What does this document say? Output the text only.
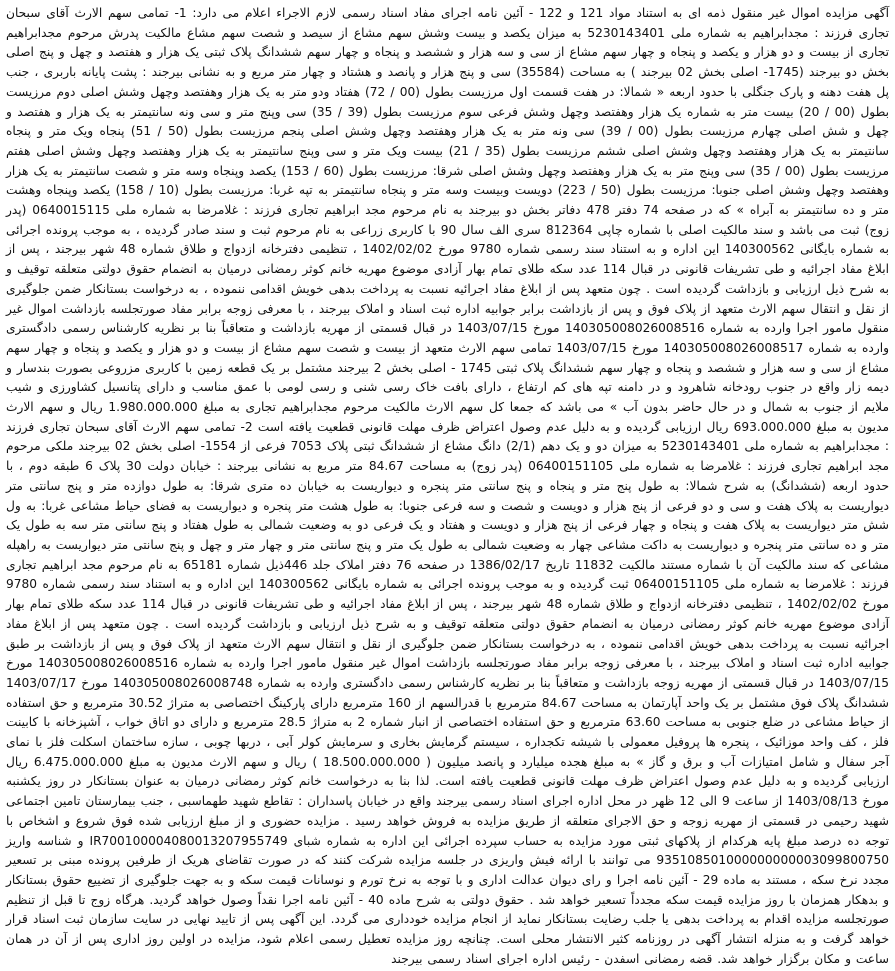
آگهی مزایده اموال غیر منقول ذمه ای به استناد مواد 121 و 122 - آئین نامه اجرای مفاد اسناد رسمی لازم الاجراء اعلام می دارد: 1- تمامی سهم الارث آقای سبحان تجاری فرزند : مجدابراهیم به شماره ملی 5230143401 به میزان یکصد و بیست وشش سهم مشاع از سیصد و شصت سهم مشاع مالکیت پدرش مرحوم مجدابراهیم تجاری از بیست و دو هزار و یکصد و پنجاه و چهار سهم مشاع از سی و سه هزار و ششصد و پنجاه و چهار سهم ششدانگ پلاک ثبتی یک هزار و هفتصد و چهل و پنج اصلی بخش دو بیرجند (1745- اصلی بخش 02 بیرجند ) به مساحت (35584) سی و پنج هزار و پانصد و هشتاد و چهار متر مربع و به نشانی بیرجند : پشت پایانه باربری ، جنب پل هفت دهنه و پارک جنگلی با حدود اربعه « شمالا: در هفت قسمت اول مرزیست بطول (00 / 72) هفتاد ودو متر به یک هزار وهفتصد وچهل وشش اصلی دوم مرزیست بطول (00 / 20) بیست متر به شماره یک هزار وهفتصد وچهل وشش فرعی سوم مرزیست بطول (39 / 35) سی وپنج متر و سی ونه سانتیمتر به یک هزار و هفتصد و چهل و شش اصلی چهارم مرزیست بطول (00 / 39) سی ونه متر به یک هزار وهفتصد وچهل وشش اصلی پنجم مرزیست بطول (50 / 51) پنجاه ویک متر و پنجاه سانتیمتر به یک هزار وهفتصد وچهل وشش اصلی ششم مرزیست بطول (35 / 21) بیست ویک متر و سی وپنج سانتیمتر به یک هزار وهفتصد وچهل وشش اصلی هفتم مرزیست بطول (00 / 35) سی وپنج متر به یک هزار وهفتصد وچهل وشش اصلی شرقا: مرزیست بطول (60 / 153) یکصد وپنجاه وسه متر و شصت سانتیمتر به یک هزار وهفتصد وچهل وشش اصلی جنوبا: مرزیست بطول (50 / 223) دویست وبیست وسه متر و پنجاه سانتیمتر به تپه غربا: مرزیست بطول (10 / 158) یکصد وپنجاه وهشت متر و ده سانتیمتر به آبراه » که در صفحه 74 دفتر 478 دفاتر بخش دو بیرجند به نام مرحوم مجد ابراهیم تجاری فرزند : غلامرضا به شماره ملی 0640015115 (پدر زوج) ثبت می باشد و سند مالکیت اصلی با شماره چاپی 812364 سری الف سال 90 با کاربری زراعی به نام مرحوم ثبت و سند صادر گردیده ، به موجب پرونده اجرائی به شماره بایگانی 140300562 این اداره و به استناد سند رسمی شماره 9780 مورخ 1402/02/02 ، تنظیمی دفترخانه ازدواج و طلاق شماره 48 شهر بیرجند ، پس از ابلاغ مفاد اجرائیه و طی تشریفات قانونی در قبال 114 عدد سکه طلای تمام بهار آزادی موضوع مهریه خانم کوثر رمضانی درمیان به انضمام حقوق دولتی متعلقه توقیف و به شرح ذیل ارزیابی و بازداشت گردیده است . چون متعهد پس از ابلاغ مفاد اجرائیه نسبت به پرداخت بدهی خویش اقدامی ننموده ، به درخواست بستانکار ضمن جلوگیری از نقل و انتقال سهم الارث متعهد از پلاک فوق و پس از بازداشت برابر جوابیه اداره ثبت اسناد و املاک بیرجند ، با معرفی زوجه برابر مفاد صورتجلسه بازداشت اموال غیر منقول مامور اجرا وارده به شماره 140305008026008516 مورخ 1403/07/15 در قبال قسمتی از مهریه بازداشت و متعاقباً بنا بر نظریه کارشناس رسمی دادگستری وارده به شماره 140305008026008517 مورخ 1403/07/15 تمامی سهم الارث متعهد از بیست و شصت سهم مشاع از بیست و دو هزار و یکصد و پنجاه و چهار سهم مشاع از سی و سه هزار و ششصد و پنجاه و چهار سهم ششدانگ پلاک ثبتی 1745 - اصلی بخش 2 بیرجند مشتمل بر یک قطعه زمین با کاربری مزروعی بصورت بندسار و دیمه زار واقع در جنوب رودخانه شاهرود و در دامنه تپه های کم ارتفاع ، دارای بافت خاک رسی شنی و رسی لومی با عمق مناسب و دارای پتانسیل کشاورزی و شیب ملایم از جنوب به شمال و در حال حاضر بدون آب » می باشد که جمعا کل سهم الارث مالکیت مرحوم مجدابراهیم تجاری به مبلغ 1.980.000.000 ریال و سهم الارث مدیون به مبلغ 693.000.000 ریال ارزیابی گردیده و به دلیل عدم وصول اعتراض ظرف مهلت قانونی قطعیت یافته است 2- تمامی سهم الارث آقای سبحان تجاری فرزند : مجدابراهیم به شماره ملی 5230143401 به میزان دو و یک دهم (2/1) دانگ مشاع از ششدانگ ثبتی پلاک 7053 فرعی از 1554- اصلی بخش 02 بیرجند ملکی مرحوم مجد ابراهیم تجاری فرزند : غلامرضا به شماره ملی 06400151105 (پدر زوج) به مساحت 84.67 متر مربع به نشانی بیرجند : خیابان دولت 30 پلاک 6 طبقه دوم ، با حدود اربعه (ششدانگ) به شرح شمالا: به طول پنج متر و پنجاه و پنج سانتی متر پنجره و دیواریست به خیابان ده متری شرقا: به طول دوازده متر و پنج سانتی متر دیواریست به پلاک هفت و سی و دو فرعی از پنج هزار و دویست و شصت و سه فرعی جنوبا: به طول هشت متر پنجره و دیواریست به فضای حیاط مشاعی غربا: به ول شش متر دیواریست به پلاک هفت و پنجاه و چهار فرعی از پنج هزار و دویست و هفتاد و یک فرعی دو به وضعیت شمالی به طول هفتاد و پنج سانتی متر سه به طول یک متر و ده سانتی متر پنجره و دیواریست به داکت مشاعی چهار به وضعیت شمالی به طول یک متر و پنج سانتی متر و چهار متر و چهل و پنج سانتی متر دیواریست به راهپله مشاعی که سند مالکیت آن با شماره مستند مالکیت 11832 تاریخ 1386/02/17 در صفحه 76 دفتر املاک جلد 446ذیل شماره 65181 به نام مرحوم مجد ابراهیم تجاری فرزند : غلامرضا به شماره ملی 06400151105 ثبت گردیده و به موجب پرونده اجرائی به شماره بایگانی 140300562 این اداره و به استناد سند رسمی شماره 9780 مورخ 1402/02/02 ، تنظیمی دفترخانه ازدواج و طلاق شماره 48 شهر بیرجند ، پس از ابلاغ مفاد اجرائیه و طی تشریفات قانونی در قبال 114 عدد سکه طلای تمام بهار آزادی موضوع مهریه خانم کوثر رمضانی درمیان به انضمام حقوق دولتی متعلقه توقیف و به شرح ذیل ارزیابی و بازداشت گردیده است . چون متعهد پس از ابلاغ مفاد اجرائیه نسبت به پرداخت بدهی خویش اقدامی ننموده ، به درخواست بستانکار ضمن جلوگیری از نقل و انتقال سهم الارث متعهد از پلاک فوق و پس از بازداشت بر طبق جوابیه اداره ثبت اسناد و املاک بیرجند ، با معرفی زوجه برابر مفاد صورتجلسه بازداشت اموال غیر منقول مامور اجرا وارده به شماره 140305008026008516 مورخ 1403/07/15 در قبال قسمتی از مهریه زوجه بازداشت و متعاقباً بنا بر نظریه کارشناس رسمی دادگستری وارده به شماره 140305008026008748 مورخ 1403/07/17 ششدانگ پلاک فوق مشتمل بر یک واحد آپارتمان به مساحت 84.67 مترمربع با قدرالسهم از 160 مترمربع دارای پارکینگ اختصاصی به متراژ 30.52 مترمربع و حق استفاده از حیاط مشاعی در ضلع جنوبی به مساحت 63.60 مترمربع و حق استفاده اختصاصی از انبار شماره 2 به متراژ 28.5 مترمربع و دارای دو اتاق خواب ، آشپزخانه با کابینت فلز ، کف واحد موزائیک ، پنجره ها پروفیل معمولی با شیشه تکجداره ، سیستم گرمایش بخاری و سرمایش کولر آبی ، دربها چوبی ، سازه ساختمان اسکلت فلز با نمای آجر سفال و شامل امتیازات آب و برق و گاز » به مبلغ هجده میلیارد و پانصد میلیون ( 18.500.000.000 ) ریال و سهم الارث مدیون به مبلغ 6.475.000.000 ریال ارزیابی گردیده و به دلیل عدم وصول اعتراض ظرف مهلت قانونی قطعیت یافته است. لذا بنا به درخواست خانم کوثر رمضانی درمیان به عنوان بستانکار در روز یکشنبه مورخ 1403/08/13 از ساعت 9 الی 12 ظهر در محل اداره اجرای اسناد رسمی بیرجند واقع در خیابان پاسداران : تقاطع شهید طهماسبی ، جنب بیمارستان تامین اجتماعی شهید رحیمی در قسمتی از مهریه زوجه و حق الاجرای متعلقه از طریق مزایده به فروش خواهد رسید . مزایده حضوری و از مبلغ ارزیابی شده فوق شروع و اشخاص با توجه ده درصد مبلغ پایه هرکدام از پلاکهای ثبتی مورد مزایده به حساب سپرده اجرائی این اداره به شماره شبای IR700100004080013207955749 و شناسه واریز 935108501000000000003099800750 می توانند با ارائه فیش واریزی در جلسه مزایده شرکت کنند که در صورت تقاضای هریک از طرفین پرونده مبنی بر تسعیر مجدد نرخ سکه ، مستند به ماده 29 - آئین نامه اجرا و رای دیوان عدالت اداری و با توجه به نرخ تورم و نوسانات قیمت سکه و به جهت جلوگیری از تضییع حقوق بستانکار و بدهکار همزمان با روز مزایده قیمت سکه مجدداً تسعیر خواهد شد . حقوق دولتی به شرح ماده 40 - آئین نامه اجرا نقداً وصول خواهد گردید. هرگاه زوج تا قبل از تنظیم صورتجلسه مزایده اقدام به پرداخت بدهی یا جلب رضایت بستانکار نماید از انجام مزایده خودداری می گردد. این آگهی پس از تایید نهایی در سایت سازمان ثبت اسناد قرار خواهد گرفت و به منزله انتشار آگهی در روزنامه کثیر الانتشار محلی است. چنانچه روز مزایده تعطیل رسمی اعلام شود، مزایده در اولین روز اداری پس از آن در همان ساعت و مکان برگزار خواهد شد. قضه رمضانی اسفدن - رئیس اداره اجرای اسناد رسمی بیرجند
